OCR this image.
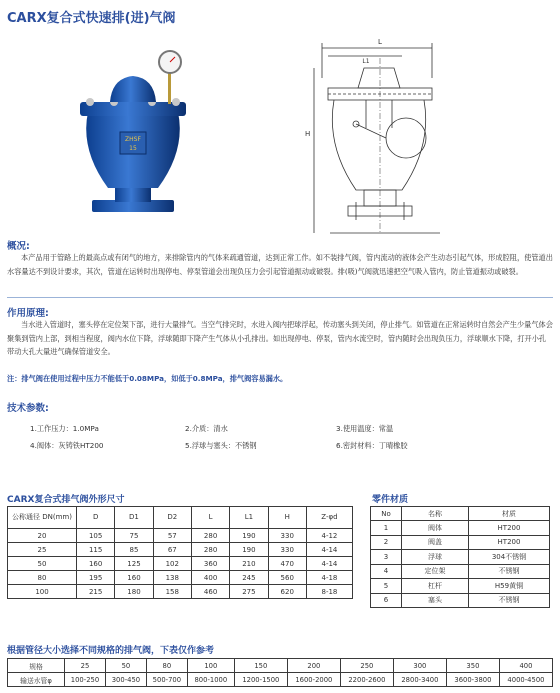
CARX复合式快速排(进)气阀
ZHSF
15
L
L1
H
概况:
本产品用于管路上的最高点或有闭气的地方，来排除管内的气体来疏通管道，达到正常工作。如不装排气阀，管内流动的液体会产生动态引起气体，形成腔阻，使管道出水容量达不到设计要求，其次，管道在运转时出现停电、停泵管道会出现负压力会引起管道振动或破裂。排(吸)气阀就迅速把空气吸入管内，防止管道振动或破裂。
作用原理:
当水进入管道时，塞头停在定位架下部，进行大量排气。当空气排完时，水进入阀内把球浮起，传动塞头到关闭，停止排气。如管道在正常运转时自然会产生少量气体会聚集到管内上部，到相当程度，阀内水位下降，浮球随即下降产生气体从小孔排出。如出现停电、停泵，管内水流空时，管内随时会出现负压力，浮球顺水下降，打开小孔带动大孔大量进气确保管道安全。
注：排气阀在使用过程中压力不能低于0.08MPa，如低于0.8MPa，排气阀容易漏水。
技术参数:
1.工作压力：1.0MPa	2.介质：清水	3.使用温度：常温
4.阀体：灰铸铁HT200	5.浮球与塞头：不锈钢	6.密封材料：丁晴橡胶
CARX复合式排气阀外形尺寸
公称通径 DN(mm)	D	D1	D2	L	L1	H	Z-φd
20	105	75	57	280	190	330	4-12
25	115	85	67	280	190	330	4-14
50	160	125	102	360	210	470	4-14
80	195	160	138	400	245	560	4-18
100	215	180	158	460	275	620	8-18
零件材质
No	名称	材质
1	阀体	HT200
2	阀盖	HT200
3	浮球	304不锈钢
4	定位架	不锈钢
5	杠杆	H59黄铜
6	塞头	不锈钢
根据管径大小选择不同规格的排气阀，下表仅作参考
规格	25	50	80	100	150	200	250	300	350	400
输送水管φ	100-250	300-450	500-700	800-1000	1200-1500	1600-2000	2200-2600	2800-3400	3600-3800	4000-4500
